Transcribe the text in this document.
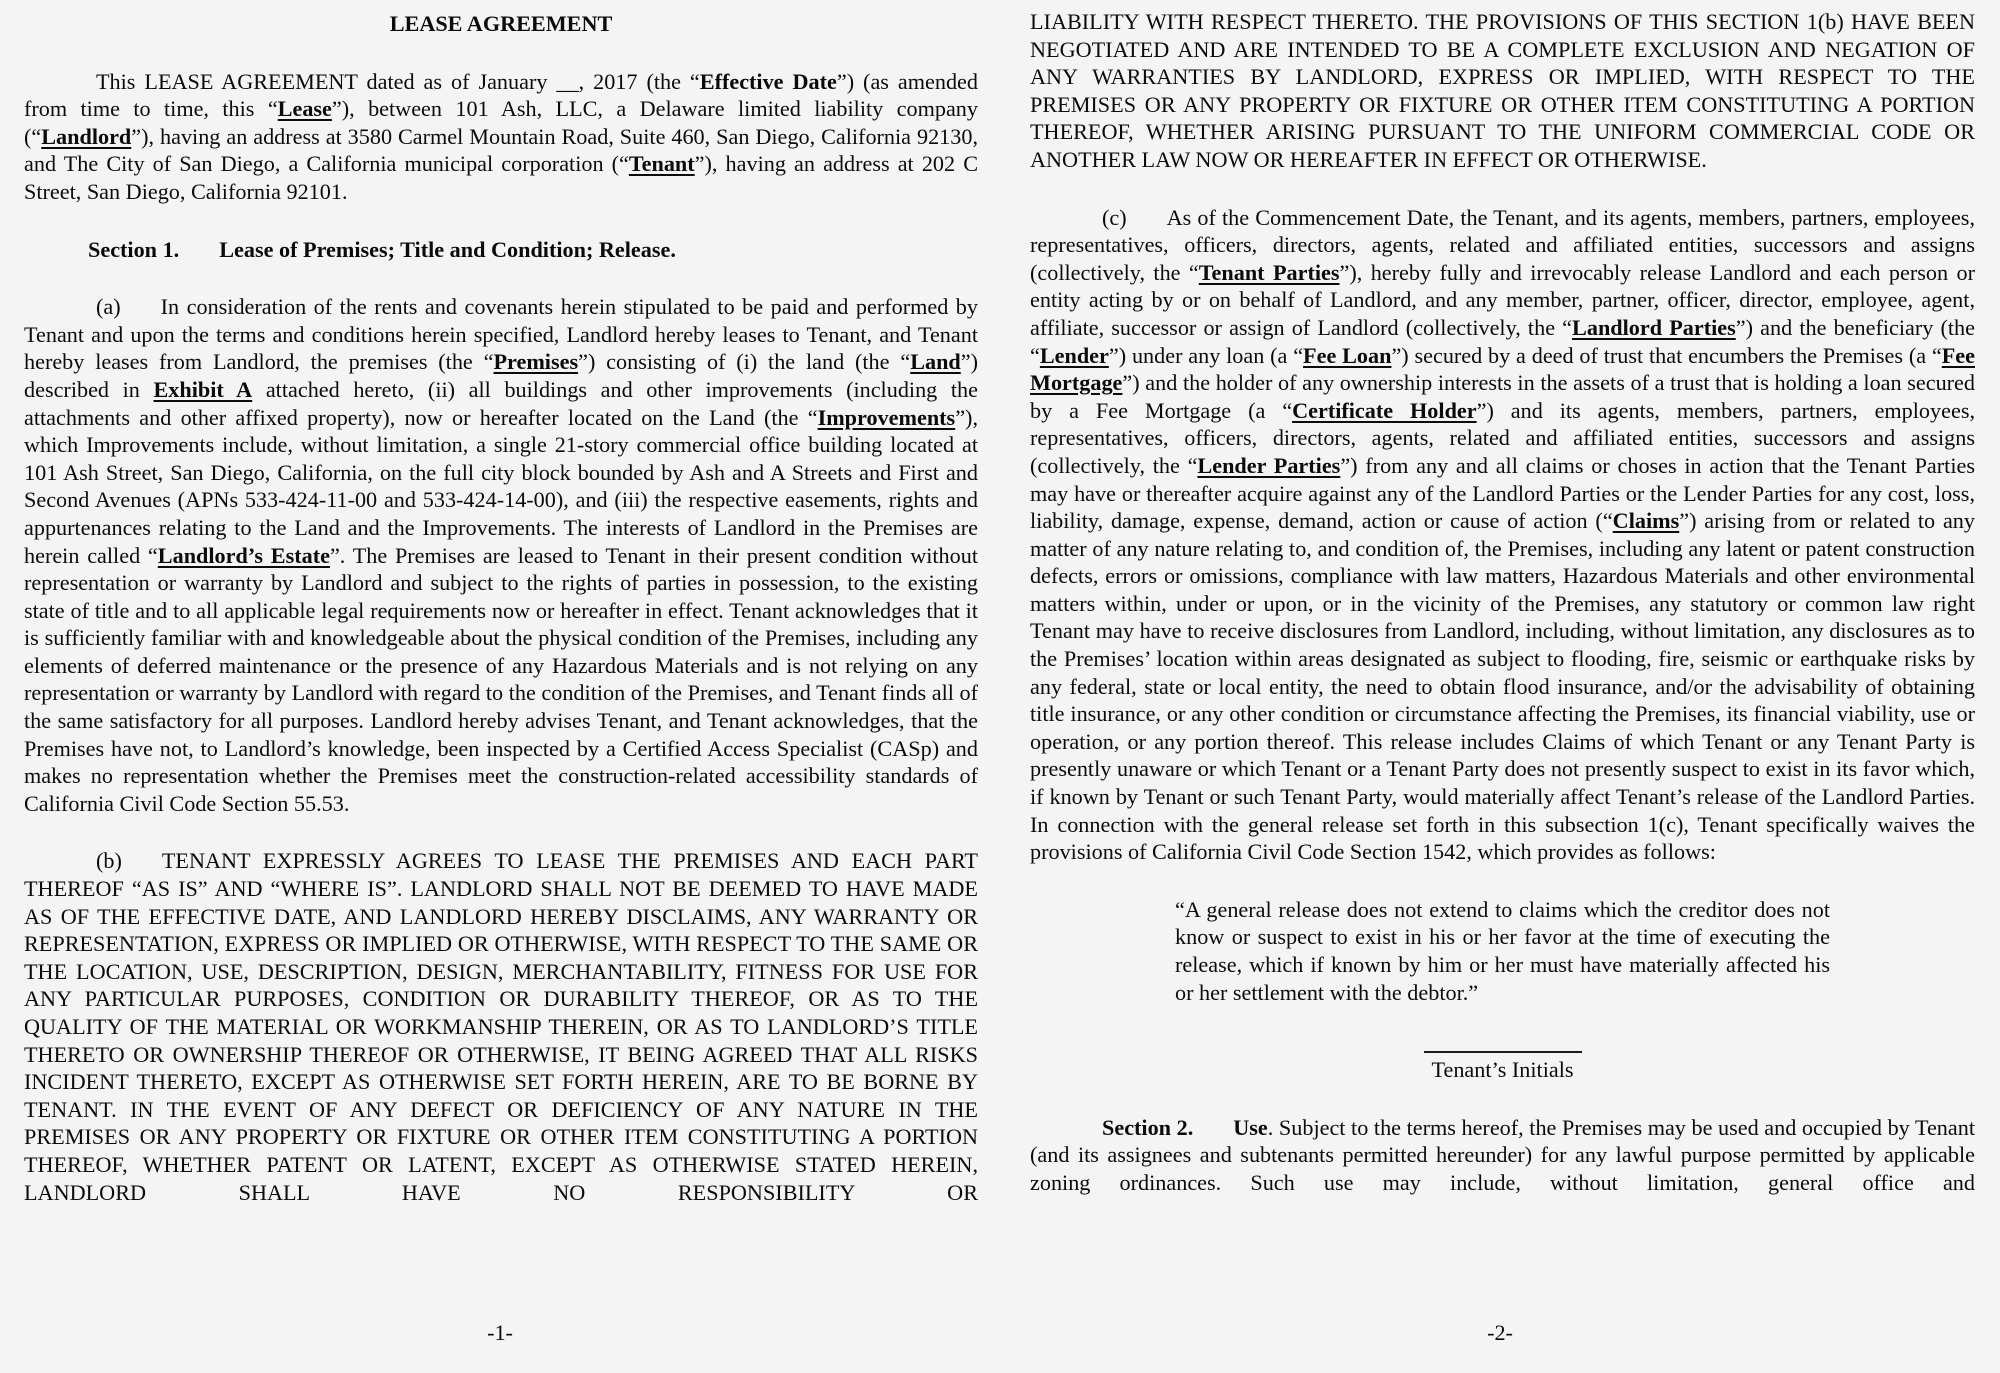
LEASE AGREEMENT
This LEASE AGREEMENT dated as of January __, 2017 (the “Effective Date”) (as amended from time to time, this “Lease”), between 101 Ash, LLC, a Delaware limited liability company (“Landlord”), having an address at 3580 Carmel Mountain Road, Suite 460, San Diego, California 92130, and The City of San Diego, a California municipal corporation (“Tenant”), having an address at 202 C Street, San Diego, California 92101.
Section 1. Lease of Premises; Title and Condition; Release.
(a) In consideration of the rents and covenants herein stipulated to be paid and performed by Tenant and upon the terms and conditions herein specified, Landlord hereby leases to Tenant, and Tenant hereby leases from Landlord, the premises (the “Premises”) consisting of (i) the land (the “Land”) described in Exhibit A attached hereto, (ii) all buildings and other improvements (including the attachments and other affixed property), now or hereafter located on the Land (the “Improvements”), which Improvements include, without limitation, a single 21-story commercial office building located at 101 Ash Street, San Diego, California, on the full city block bounded by Ash and A Streets and First and Second Avenues (APNs 533-424-11-00 and 533-424-14-00), and (iii) the respective easements, rights and appurtenances relating to the Land and the Improvements. The interests of Landlord in the Premises are herein called “Landlord’s Estate”. The Premises are leased to Tenant in their present condition without representation or warranty by Landlord and subject to the rights of parties in possession, to the existing state of title and to all applicable legal requirements now or hereafter in effect. Tenant acknowledges that it is sufficiently familiar with and knowledgeable about the physical condition of the Premises, including any elements of deferred maintenance or the presence of any Hazardous Materials and is not relying on any representation or warranty by Landlord with regard to the condition of the Premises, and Tenant finds all of the same satisfactory for all purposes. Landlord hereby advises Tenant, and Tenant acknowledges, that the Premises have not, to Landlord’s knowledge, been inspected by a Certified Access Specialist (CASp) and makes no representation whether the Premises meet the construction-related accessibility standards of California Civil Code Section 55.53.
(b) TENANT EXPRESSLY AGREES TO LEASE THE PREMISES AND EACH PART THEREOF “AS IS” AND “WHERE IS”. LANDLORD SHALL NOT BE DEEMED TO HAVE MADE AS OF THE EFFECTIVE DATE, AND LANDLORD HEREBY DISCLAIMS, ANY WARRANTY OR REPRESENTATION, EXPRESS OR IMPLIED OR OTHERWISE, WITH RESPECT TO THE SAME OR THE LOCATION, USE, DESCRIPTION, DESIGN, MERCHANTABILITY, FITNESS FOR USE FOR ANY PARTICULAR PURPOSES, CONDITION OR DURABILITY THEREOF, OR AS TO THE QUALITY OF THE MATERIAL OR WORKMANSHIP THEREIN, OR AS TO LANDLORD’S TITLE THERETO OR OWNERSHIP THEREOF OR OTHERWISE, IT BEING AGREED THAT ALL RISKS INCIDENT THERETO, EXCEPT AS OTHERWISE SET FORTH HEREIN, ARE TO BE BORNE BY TENANT. IN THE EVENT OF ANY DEFECT OR DEFICIENCY OF ANY NATURE IN THE PREMISES OR ANY PROPERTY OR FIXTURE OR OTHER ITEM CONSTITUTING A PORTION THEREOF, WHETHER PATENT OR LATENT, EXCEPT AS OTHERWISE STATED HEREIN, LANDLORD SHALL HAVE NO RESPONSIBILITY OR
-1-
LIABILITY WITH RESPECT THERETO. THE PROVISIONS OF THIS SECTION 1(b) HAVE BEEN NEGOTIATED AND ARE INTENDED TO BE A COMPLETE EXCLUSION AND NEGATION OF ANY WARRANTIES BY LANDLORD, EXPRESS OR IMPLIED, WITH RESPECT TO THE PREMISES OR ANY PROPERTY OR FIXTURE OR OTHER ITEM CONSTITUTING A PORTION THEREOF, WHETHER ARISING PURSUANT TO THE UNIFORM COMMERCIAL CODE OR ANOTHER LAW NOW OR HEREAFTER IN EFFECT OR OTHERWISE.
(c) As of the Commencement Date, the Tenant, and its agents, members, partners, employees, representatives, officers, directors, agents, related and affiliated entities, successors and assigns (collectively, the “Tenant Parties”), hereby fully and irrevocably release Landlord and each person or entity acting by or on behalf of Landlord, and any member, partner, officer, director, employee, agent, affiliate, successor or assign of Landlord (collectively, the “Landlord Parties”) and the beneficiary (the “Lender”) under any loan (a “Fee Loan”) secured by a deed of trust that encumbers the Premises (a “Fee Mortgage”) and the holder of any ownership interests in the assets of a trust that is holding a loan secured by a Fee Mortgage (a “Certificate Holder”) and its agents, members, partners, employees, representatives, officers, directors, agents, related and affiliated entities, successors and assigns (collectively, the “Lender Parties”) from any and all claims or choses in action that the Tenant Parties may have or thereafter acquire against any of the Landlord Parties or the Lender Parties for any cost, loss, liability, damage, expense, demand, action or cause of action (“Claims”) arising from or related to any matter of any nature relating to, and condition of, the Premises, including any latent or patent construction defects, errors or omissions, compliance with law matters, Hazardous Materials and other environmental matters within, under or upon, or in the vicinity of the Premises, any statutory or common law right Tenant may have to receive disclosures from Landlord, including, without limitation, any disclosures as to the Premises’ location within areas designated as subject to flooding, fire, seismic or earthquake risks by any federal, state or local entity, the need to obtain flood insurance, and/or the advisability of obtaining title insurance, or any other condition or circumstance affecting the Premises, its financial viability, use or operation, or any portion thereof. This release includes Claims of which Tenant or any Tenant Party is presently unaware or which Tenant or a Tenant Party does not presently suspect to exist in its favor which, if known by Tenant or such Tenant Party, would materially affect Tenant’s release of the Landlord Parties. In connection with the general release set forth in this subsection 1(c), Tenant specifically waives the provisions of California Civil Code Section 1542, which provides as follows:
“A general release does not extend to claims which the creditor does not know or suspect to exist in his or her favor at the time of executing the release, which if known by him or her must have materially affected his or her settlement with the debtor.”
Tenant’s Initials
Section 2. Use. Subject to the terms hereof, the Premises may be used and occupied by Tenant (and its assignees and subtenants permitted hereunder) for any lawful purpose permitted by applicable zoning ordinances. Such use may include, without limitation, general office and
-2-
